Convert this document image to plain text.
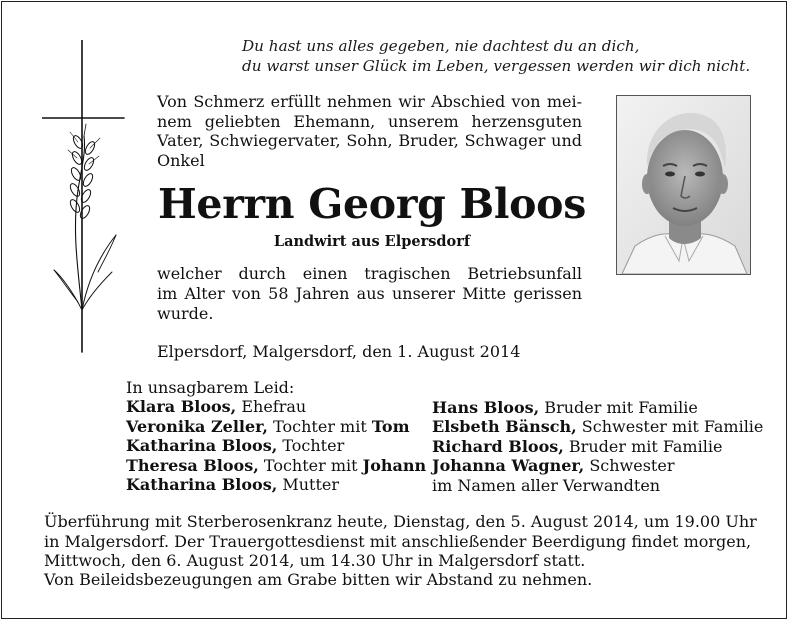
Du hast uns alles gegeben, nie dachtest du an dich,
du warst unser Glück im Leben, vergessen werden wir dich nicht.
Von Schmerz erfüllt nehmen wir Abschied von mei-
nem geliebten Ehemann, unserem herzensguten
Vater, Schwiegervater, Sohn, Bruder, Schwager und
Onkel
Herrn Georg Bloos
Landwirt aus Elpersdorf
welcher durch einen tragischen Betriebsunfall
im Alter von 58 Jahren aus unserer Mitte gerissen
wurde.
Elpersdorf, Malgersdorf, den 1. August 2014
In unsagbarem Leid:
Klara Bloos, Ehefrau
Veronika Zeller, Tochter mit Tom
Katharina Bloos, Tochter
Theresa Bloos, Tochter mit Johann
Katharina Bloos, Mutter
Hans Bloos, Bruder mit Familie
Elsbeth Bänsch, Schwester mit Familie
Richard Bloos, Bruder mit Familie
Johanna Wagner, Schwester
im Namen aller Verwandten
Überführung mit Sterberosenkranz heute, Dienstag, den 5. August 2014, um 19.00 Uhr
in Malgersdorf. Der Trauergottesdienst mit anschließender Beerdigung findet morgen,
Mittwoch, den 6. August 2014, um 14.30 Uhr in Malgersdorf statt.
Von Beileidsbezeugungen am Grabe bitten wir Abstand zu nehmen.
